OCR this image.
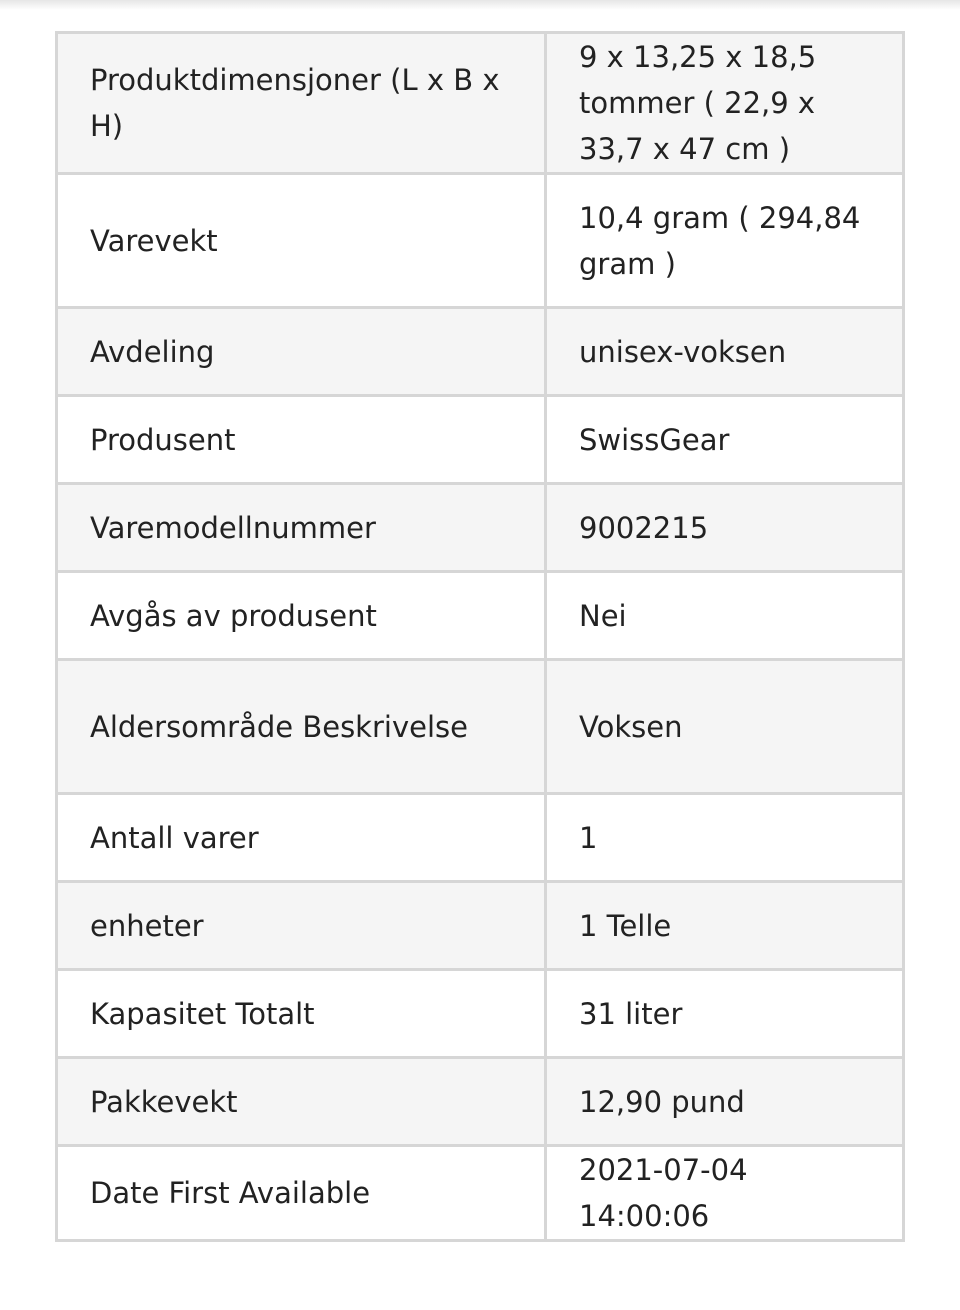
Produktdimensjoner (L x B x H)	9 x 13,25 x 18,5 tommer ( 22,9 x 33,7 x 47 cm )
Varevekt	10,4 gram ( 294,84 gram )
Avdeling	unisex-voksen
Produsent	SwissGear
Varemodellnummer	9002215
Avgås av produsent	Nei
Aldersområde Beskrivelse	Voksen
Antall varer	1
enheter	1 Telle
Kapasitet Totalt	31 liter
Pakkevekt	12,90 pund
Date First Available	2021-07-04 14:00:06
